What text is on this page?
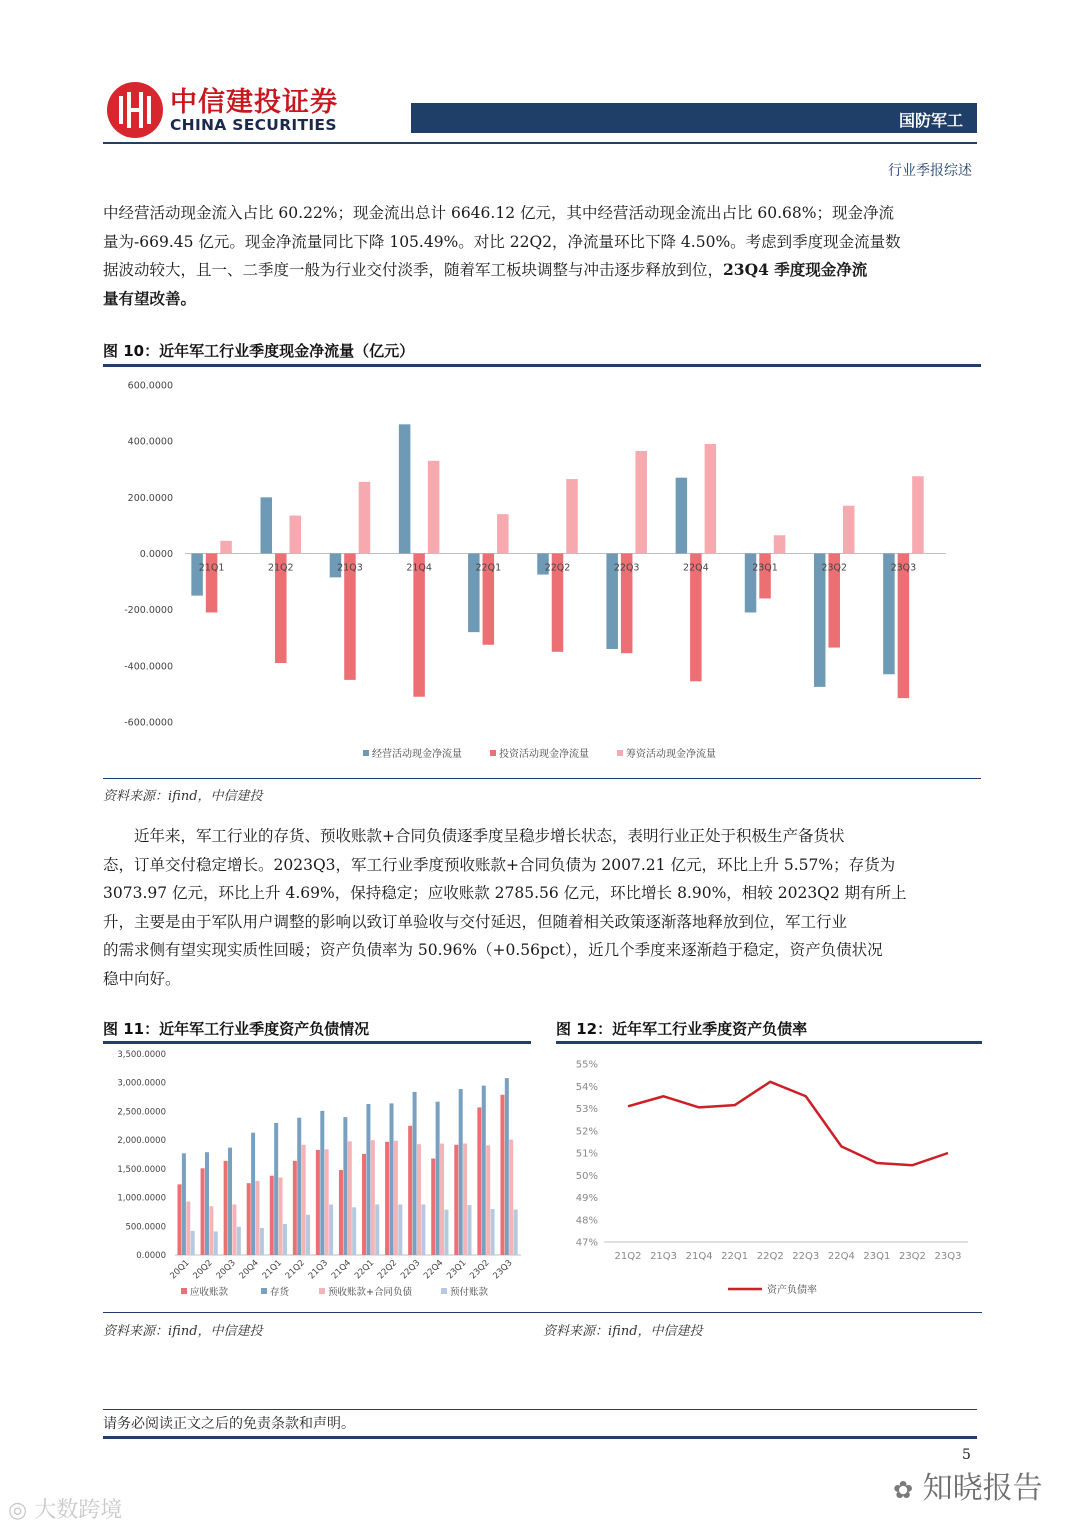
中信建投证券
CHINA SECURITIES	国防军工
行业季报综述
中经营活动现金流入占比 60.22%；现金流出总计 6646.12 亿元，其中经营活动现金流出占比 60.68%；现金净流
量为-669.45 亿元。现金净流量同比下降 105.49%。对比 22Q2，净流量环比下降 4.50%。考虑到季度现金流量数
据波动较大，且一、二季度一般为行业交付淡季，随着军工板块调整与冲击逐步释放到位，23Q4 季度现金净流
量有望改善。
图 10：近年军工行业季度现金净流量（亿元）
600.0000
400.0000
200.0000
0.0000
-200.0000
-400.0000
-600.0000
21Q1	21Q2	21Q3	21Q4	22Q1	22Q2	22Q3	22Q4	23Q1	23Q2	23Q3
经营活动现金净流量	投资活动现金净流量	筹资活动现金净流量
资料来源：ifind，中信建投
近年来，军工行业的存货、预收账款+合同负债逐季度呈稳步增长状态，表明行业正处于积极生产备货状
态，订单交付稳定增长。2023Q3，军工行业季度预收账款+合同负债为 2007.21 亿元，环比上升 5.57%；存货为
3073.97 亿元，环比上升 4.69%，保持稳定；应收账款 2785.56 亿元，环比增长 8.90%，相较 2023Q2 期有所上
升，主要是由于军队用户调整的影响以致订单验收与交付延迟，但随着相关政策逐渐落地释放到位，军工行业
的需求侧有望实现实质性回暖；资产负债率为 50.96%（+0.56pct），近几个季度来逐渐趋于稳定，资产负债状况
稳中向好。
图 11：近年军工行业季度资产负债情况
3,500.0000
3,000.0000
2,500.0000
2,000.0000
1,500.0000
1,000.0000
500.0000
0.0000
20Q1 20Q2 20Q3 20Q4 21Q1 21Q2 21Q3 21Q4 22Q1 22Q2 22Q3 22Q4 23Q1 23Q2 23Q3
应收账款	存货	预收账款+合同负债	预付账款
图 12：近年军工行业季度资产负债率
55%
54%
53%
52%
51%
50%
49%
48%
47%
21Q2 21Q3 21Q4 22Q1 22Q2 22Q3 22Q4 23Q1 23Q2 23Q3
资产负债率
资料来源：ifind，中信建投	资料来源：ifind，中信建投
请务必阅读正文之后的免责条款和声明。
5
✿ 知晓报告
◎ 大数跨境
